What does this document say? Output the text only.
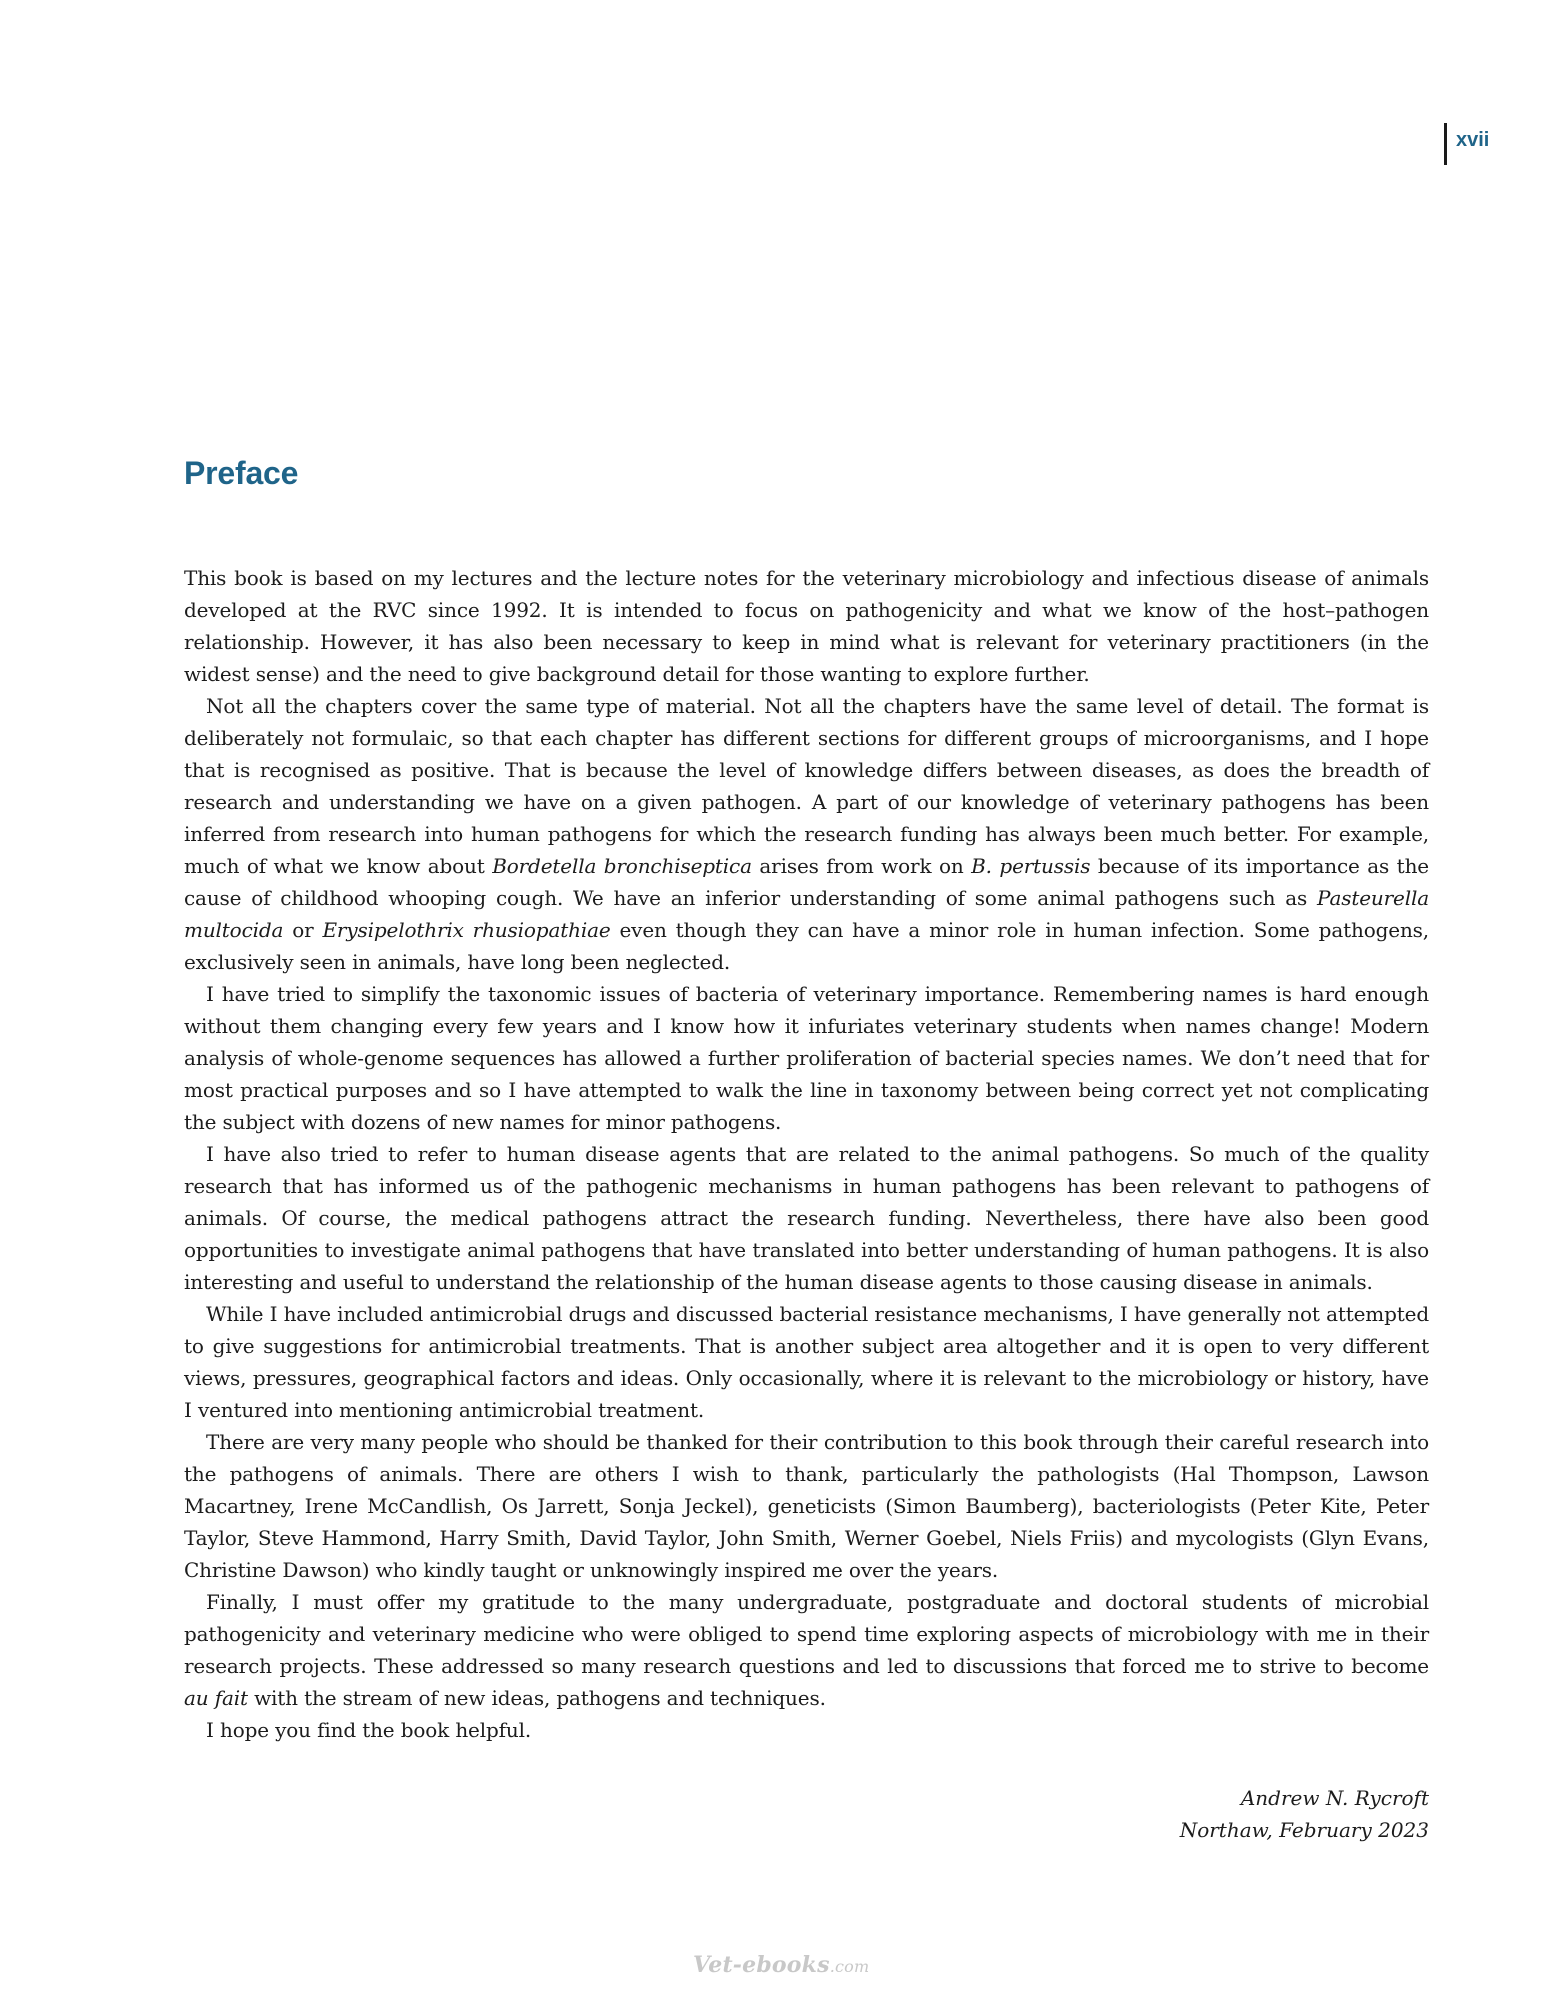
xvii
Preface

This book is based on my lectures and the lecture notes for the veterinary microbiology and infectious disease of animals developed at the RVC since 1992. It is intended to focus on pathogenicity and what we know of the host–pathogen relationship. However, it has also been necessary to keep in mind what is relevant for veterinary practitioners (in the widest sense) and the need to give background detail for those wanting to explore further.

Not all the chapters cover the same type of material. Not all the chapters have the same level of detail. The format is deliberately not formulaic, so that each chapter has different sections for different groups of microorganisms, and I hope that is recognised as positive. That is because the level of knowledge differs between diseases, as does the breadth of research and understanding we have on a given pathogen. A part of our knowledge of veterinary pathogens has been inferred from research into human pathogens for which the research funding has always been much better. For example, much of what we know about Bordetella bronchiseptica arises from work on B. pertussis because of its importance as the cause of childhood whooping cough. We have an inferior understanding of some animal pathogens such as Pasteurella multocida or Erysipelothrix rhusiopathiae even though they can have a minor role in human infection. Some pathogens, exclusively seen in animals, have long been neglected.

I have tried to simplify the taxonomic issues of bacteria of veterinary importance. Remembering names is hard enough without them changing every few years and I know how it infuriates veterinary students when names change! Modern analysis of whole-genome sequences has allowed a further proliferation of bacterial species names. We don’t need that for most practical purposes and so I have attempted to walk the line in taxonomy between being correct yet not complicating the subject with dozens of new names for minor pathogens.

I have also tried to refer to human disease agents that are related to the animal pathogens. So much of the quality research that has informed us of the pathogenic mechanisms in human pathogens has been relevant to pathogens of animals. Of course, the medical pathogens attract the research funding. Nevertheless, there have also been good opportunities to investigate animal pathogens that have translated into better understanding of human pathogens. It is also interesting and useful to understand the relationship of the human disease agents to those causing disease in animals.

While I have included antimicrobial drugs and discussed bacterial resistance mechanisms, I have generally not attempted to give suggestions for antimicrobial treatments. That is another subject area altogether and it is open to very different views, pressures, geographical factors and ideas. Only occasionally, where it is relevant to the microbiology or history, have I ventured into mentioning antimicrobial treatment.

There are very many people who should be thanked for their contribution to this book through their careful research into the pathogens of animals. There are others I wish to thank, particularly the pathologists (Hal Thompson, Lawson Macartney, Irene McCandlish, Os Jarrett, Sonja Jeckel), geneticists (Simon Baumberg), bacteriologists (Peter Kite, Peter Taylor, Steve Hammond, Harry Smith, David Taylor, John Smith, Werner Goebel, Niels Friis) and mycologists (Glyn Evans, Christine Dawson) who kindly taught or unknowingly inspired me over the years.

Finally, I must offer my gratitude to the many undergraduate, postgraduate and doctoral students of microbial pathogenicity and veterinary medicine who were obliged to spend time exploring aspects of microbiology with me in their research projects. These addressed so many research questions and led to discussions that forced me to strive to become au fait with the stream of new ideas, pathogens and techniques.

I hope you find the book helpful.

Andrew N. Rycroft
Northaw, February 2023
Vet-ebooks.com
